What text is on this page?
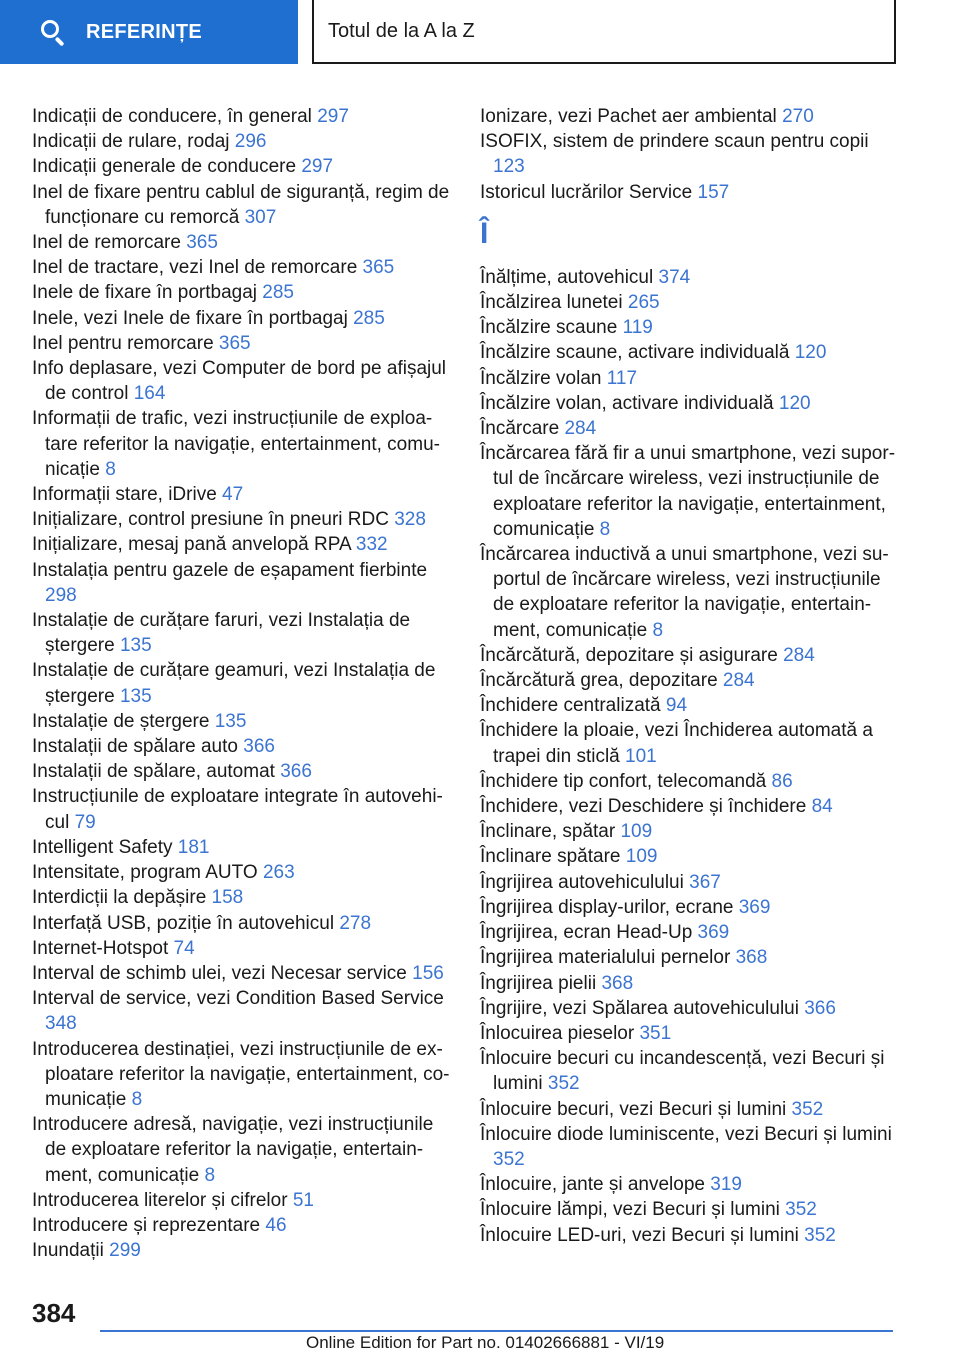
REFERINȚE	Totul de la A la Z
Indicații de conducere, în general 297
Indicații de rulare, rodaj 296
Indicații generale de conducere 297
Inel de fixare pentru cablul de siguranță, regim de funcționare cu remorcă 307
Inel de remorcare 365
Inel de tractare, vezi Inel de remorcare 365
Inele de fixare în portbagaj 285
Inele, vezi Inele de fixare în portbagaj 285
Inel pentru remorcare 365
Info deplasare, vezi Computer de bord pe afișajul de control 164
Informații de trafic, vezi instrucțiunile de exploatare referitor la navigație, entertainment, comunicație 8
Informații stare, iDrive 47
Inițializare, control presiune în pneuri RDC 328
Inițializare, mesaj pană anvelopă RPA 332
Instalația pentru gazele de eșapament fierbinte 298
Instalație de curățare faruri, vezi Instalația de ștergere 135
Instalație de curățare geamuri, vezi Instalația de ștergere 135
Instalație de ștergere 135
Instalații de spălare auto 366
Instalații de spălare, automat 366
Instrucțiunile de exploatare integrate în autovehicul 79
Intelligent Safety 181
Intensitate, program AUTO 263
Interdicții la depășire 158
Interfață USB, poziție în autovehicul 278
Internet-Hotspot 74
Interval de schimb ulei, vezi Necesar service 156
Interval de service, vezi Condition Based Service 348
Introducerea destinației, vezi instrucțiunile de exploatare referitor la navigație, entertainment, comunicație 8
Introducere adresă, navigație, vezi instrucțiunile de exploatare referitor la navigație, entertainment, comunicație 8
Introducerea literelor și cifrelor 51
Introducere și reprezentare 46
Inundații 299
Ionizare, vezi Pachet aer ambiental 270
ISOFIX, sistem de prindere scaun pentru copii 123
Istoricul lucrărilor Service 157
Î
Înălțime, autovehicul 374
Încălzirea lunetei 265
Încălzire scaune 119
Încălzire scaune, activare individuală 120
Încălzire volan 117
Încălzire volan, activare individuală 120
Încărcare 284
Încărcarea fără fir a unui smartphone, vezi suportul de încărcare wireless, vezi instrucțiunile de exploatare referitor la navigație, entertainment, comunicație 8
Încărcarea inductivă a unui smartphone, vezi suportul de încărcare wireless, vezi instrucțiunile de exploatare referitor la navigație, entertainment, comunicație 8
Încărcătură, depozitare și asigurare 284
Încărcătură grea, depozitare 284
Închidere centralizată 94
Închidere la ploaie, vezi Închiderea automată a trapei din sticlă 101
Închidere tip confort, telecomandă 86
Închidere, vezi Deschidere și închidere 84
Înclinare, spătar 109
Înclinare spătare 109
Îngrijirea autovehiculului 367
Îngrijirea display-urilor, ecrane 369
Îngrijirea, ecran Head-Up 369
Îngrijirea materialului pernelor 368
Îngrijirea pielii 368
Îngrijire, vezi Spălarea autovehiculului 366
Înlocuirea pieselor 351
Înlocuire becuri cu incandescență, vezi Becuri și lumini 352
Înlocuire becuri, vezi Becuri și lumini 352
Înlocuire diode luminiscente, vezi Becuri și lumini 352
Înlocuire, jante și anvelope 319
Înlocuire lămpi, vezi Becuri și lumini 352
Înlocuire LED-uri, vezi Becuri și lumini 352
384
Online Edition for Part no. 01402666881 - VI/19
